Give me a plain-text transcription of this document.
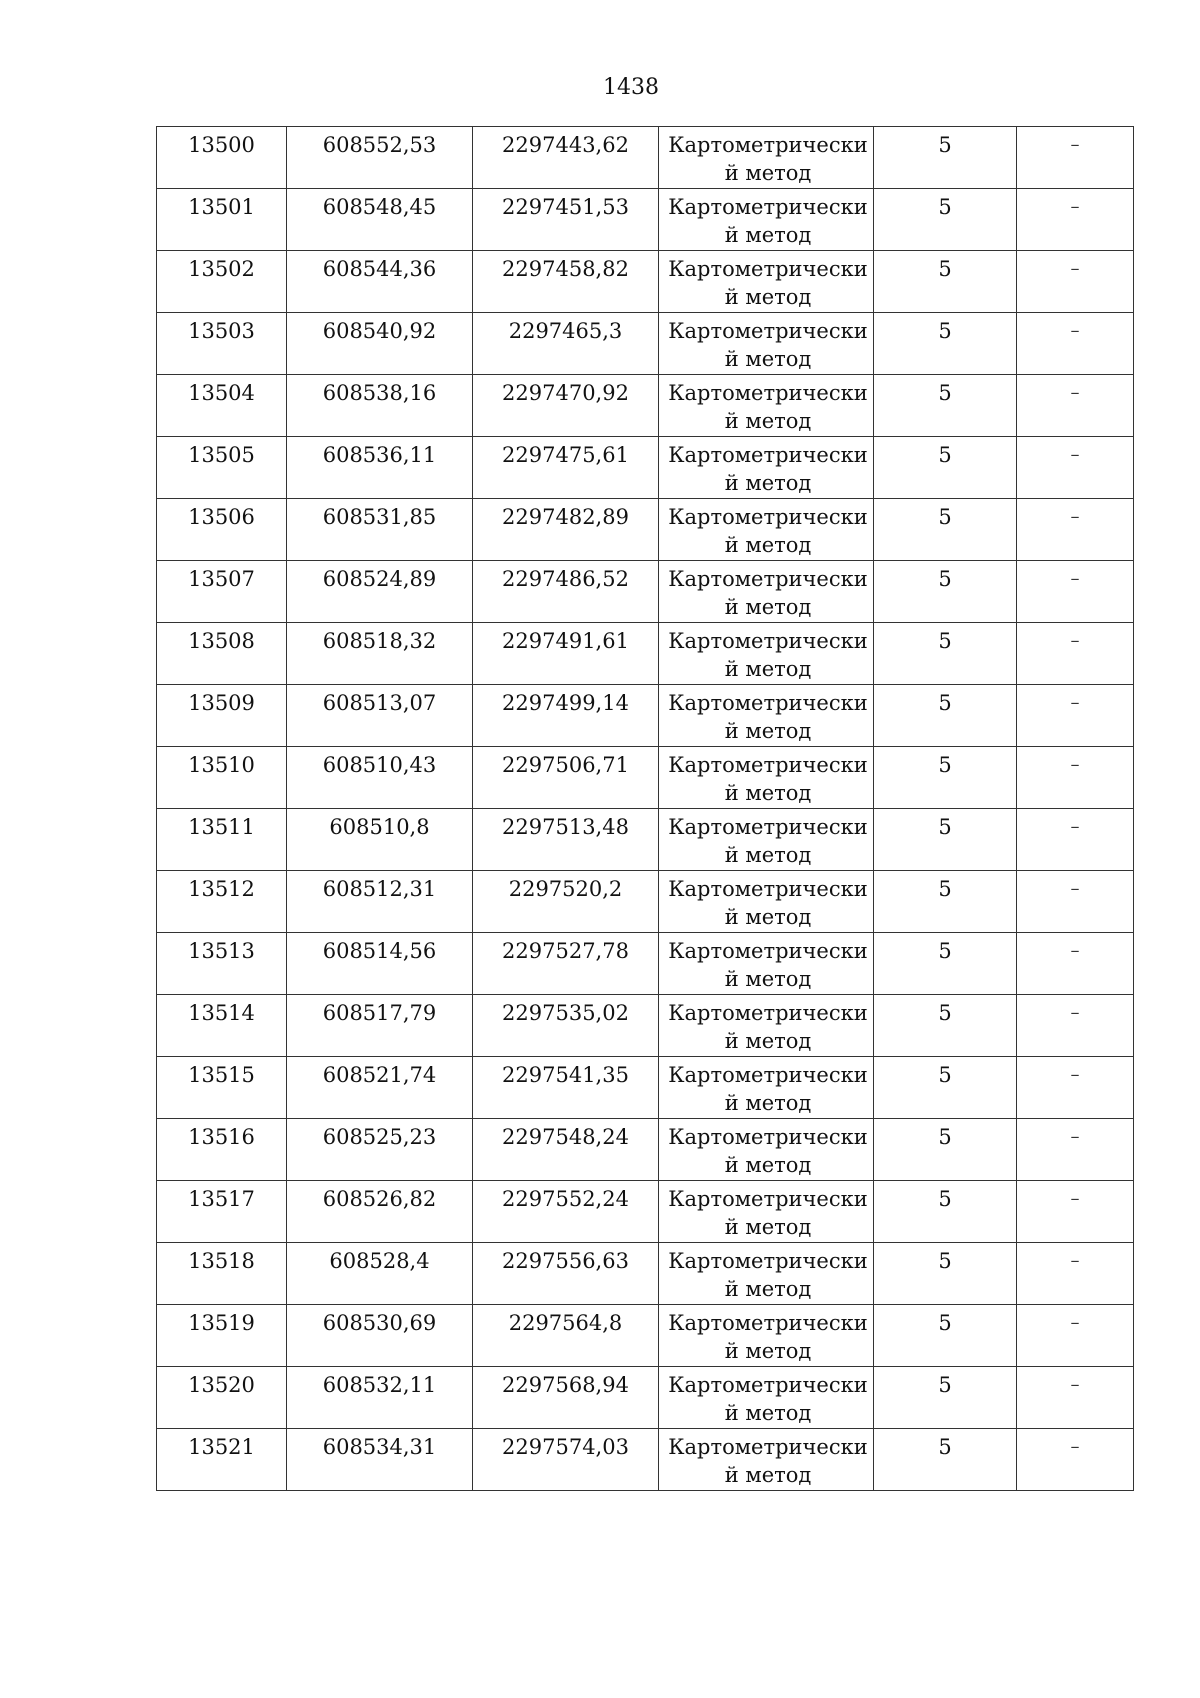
1438
13500	608552,53	2297443,62	Картометрически й метод	5	–
13501	608548,45	2297451,53	Картометрически й метод	5	–
13502	608544,36	2297458,82	Картометрически й метод	5	–
13503	608540,92	2297465,3	Картометрически й метод	5	–
13504	608538,16	2297470,92	Картометрически й метод	5	–
13505	608536,11	2297475,61	Картометрически й метод	5	–
13506	608531,85	2297482,89	Картометрически й метод	5	–
13507	608524,89	2297486,52	Картометрически й метод	5	–
13508	608518,32	2297491,61	Картометрически й метод	5	–
13509	608513,07	2297499,14	Картометрически й метод	5	–
13510	608510,43	2297506,71	Картометрически й метод	5	–
13511	608510,8	2297513,48	Картометрически й метод	5	–
13512	608512,31	2297520,2	Картометрически й метод	5	–
13513	608514,56	2297527,78	Картометрически й метод	5	–
13514	608517,79	2297535,02	Картометрически й метод	5	–
13515	608521,74	2297541,35	Картометрически й метод	5	–
13516	608525,23	2297548,24	Картометрически й метод	5	–
13517	608526,82	2297552,24	Картометрически й метод	5	–
13518	608528,4	2297556,63	Картометрически й метод	5	–
13519	608530,69	2297564,8	Картометрически й метод	5	–
13520	608532,11	2297568,94	Картометрически й метод	5	–
13521	608534,31	2297574,03	Картометрически й метод	5	–
